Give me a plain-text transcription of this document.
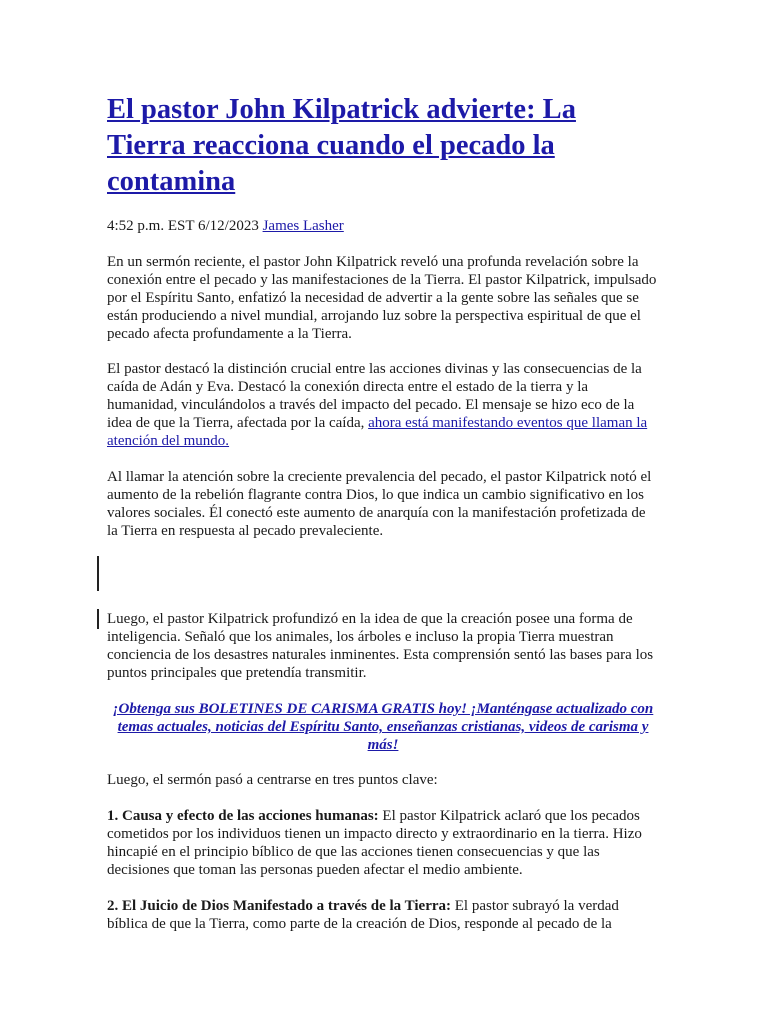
El pastor John Kilpatrick advierte: La Tierra reacciona cuando el pecado la contamina
4:52 p.m. EST 6/12/2023 James Lasher

En un sermón reciente, el pastor John Kilpatrick reveló una profunda revelación sobre la conexión entre el pecado y las manifestaciones de la Tierra. El pastor Kilpatrick, impulsado por el Espíritu Santo, enfatizó la necesidad de advertir a la gente sobre las señales que se están produciendo a nivel mundial, arrojando luz sobre la perspectiva espiritual de que el pecado afecta profundamente a la Tierra.

El pastor destacó la distinción crucial entre las acciones divinas y las consecuencias de la caída de Adán y Eva. Destacó la conexión directa entre el estado de la tierra y la humanidad, vinculándolos a través del impacto del pecado. El mensaje se hizo eco de la idea de que la Tierra, afectada por la caída, ahora está manifestando eventos que llaman la atención del mundo.

Al llamar la atención sobre la creciente prevalencia del pecado, el pastor Kilpatrick notó el aumento de la rebelión flagrante contra Dios, lo que indica un cambio significativo en los valores sociales. Él conectó este aumento de anarquía con la manifestación profetizada de la Tierra en respuesta al pecado prevaleciente.

Luego, el pastor Kilpatrick profundizó en la idea de que la creación posee una forma de inteligencia. Señaló que los animales, los árboles e incluso la propia Tierra muestran conciencia de los desastres naturales inminentes. Esta comprensión sentó las bases para los puntos principales que pretendía transmitir.

¡Obtenga sus BOLETINES DE CARISMA GRATIS hoy! ¡Manténgase actualizado con temas actuales, noticias del Espíritu Santo, enseñanzas cristianas, videos de carisma y más!

Luego, el sermón pasó a centrarse en tres puntos clave:

1. Causa y efecto de las acciones humanas: El pastor Kilpatrick aclaró que los pecados cometidos por los individuos tienen un impacto directo y extraordinario en la tierra. Hizo hincapié en el principio bíblico de que las acciones tienen consecuencias y que las decisiones que toman las personas pueden afectar el medio ambiente.

2. El Juicio de Dios Manifestado a través de la Tierra: El pastor subrayó la verdad bíblica de que la Tierra, como parte de la creación de Dios, responde al pecado de la
